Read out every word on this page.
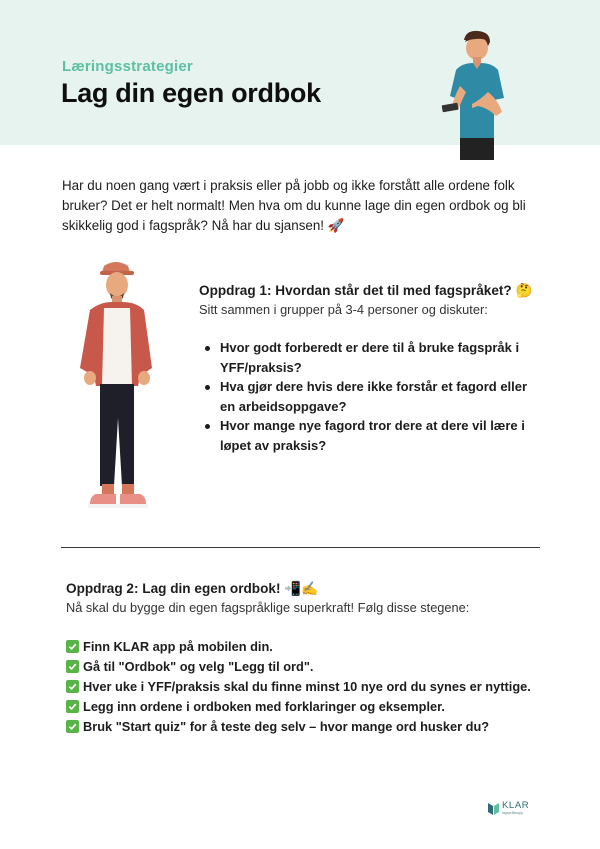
Læringsstrategier
Lag din egen ordbok

Har du noen gang vært i praksis eller på jobb og ikke forstått alle ordene folk bruker? Det er helt normalt! Men hva om du kunne lage din egen ordbok og bli skikkelig god i fagspråk? Nå har du sjansen! 🚀

Oppdrag 1: Hvordan står det til med fagspråket? 🤔
Sitt sammen i grupper på 3-4 personer og diskuter:
Hvor godt forberedt er dere til å bruke fagspråk i YFF/praksis?
Hva gjør dere hvis dere ikke forstår et fagord eller en arbeidsoppgave?
Hvor mange nye fagord tror dere at dere vil lære i løpet av praksis?
Oppdrag 2: Lag din egen ordbok! 📲✍️
Nå skal du bygge din egen fagspråklige superkraft! Følg disse stegene:
Finn KLAR app på mobilen din.
Gå til "Ordbok" og velg "Legg til ord".
Hver uke i YFF/praksis skal du finne minst 10 nye ord du synes er nyttige.
Legg inn ordene i ordboken med forklaringer og eksempler.
Bruk "Start quiz" for å teste deg selv – hvor mange ord husker du?
KLAR
fagspråksapp
